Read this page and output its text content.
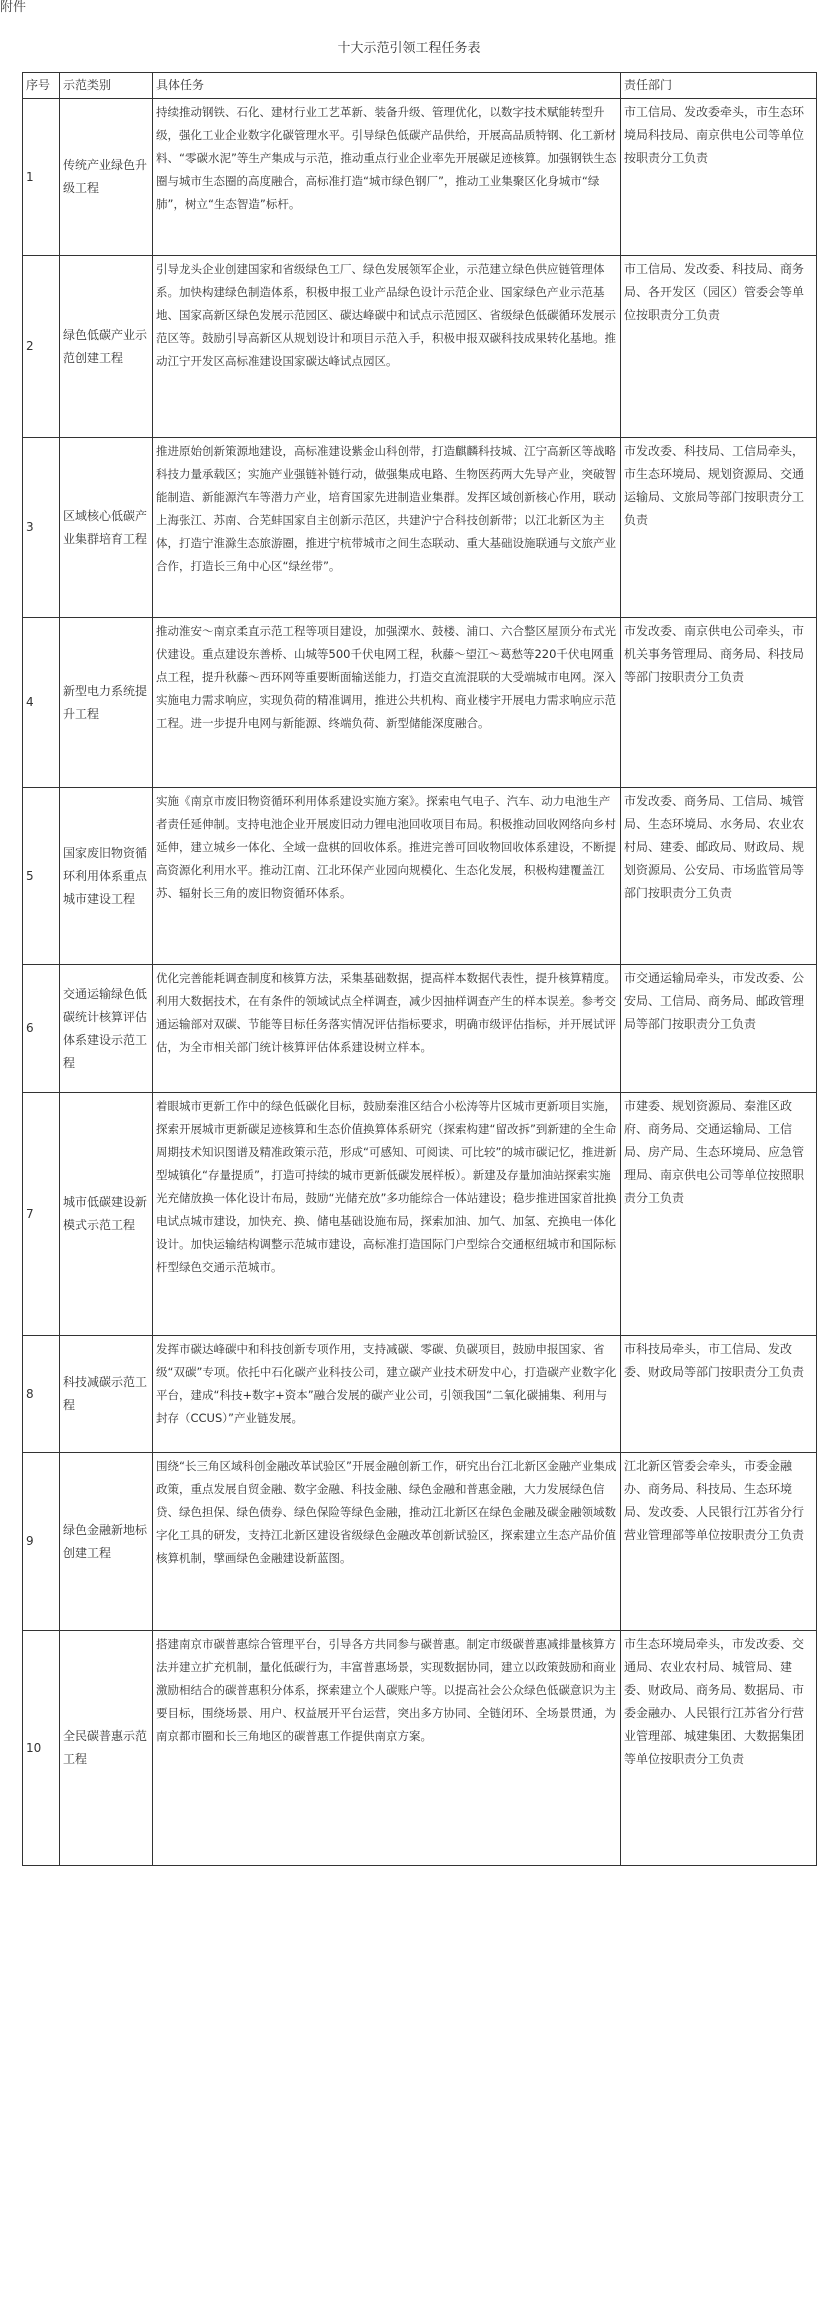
附件
十大示范引领工程任务表
序号	示范类别	具体任务	责任部门
1	传统产业绿色升级工程	持续推动钢铁、石化、建材行业工艺革新、装备升级、管理优化，以数字技术赋能转型升级，强化工业企业数字化碳管理水平。引导绿色低碳产品供给，开展高品质特钢、化工新材料、“零碳水泥”等生产集成与示范，推动重点行业企业率先开展碳足迹核算。加强钢铁生态圈与城市生态圈的高度融合，高标准打造“城市绿色钢厂”，推动工业集聚区化身城市“绿肺”，树立“生态智造”标杆。	市工信局、发改委牵头，市生态环境局科技局、南京供电公司等单位按职责分工负责
2	绿色低碳产业示范创建工程	引导龙头企业创建国家和省级绿色工厂、绿色发展领军企业，示范建立绿色供应链管理体系。加快构建绿色制造体系，积极申报工业产品绿色设计示范企业、国家绿色产业示范基地、国家高新区绿色发展示范园区、碳达峰碳中和试点示范园区、省级绿色低碳循环发展示范区等。鼓励引导高新区从规划设计和项目示范入手，积极申报双碳科技成果转化基地。推动江宁开发区高标准建设国家碳达峰试点园区。	市工信局、发改委、科技局、商务局、各开发区（园区）管委会等单位按职责分工负责
3	区域核心低碳产业集群培育工程	推进原始创新策源地建设，高标准建设紫金山科创带，打造麒麟科技城、江宁高新区等战略科技力量承载区；实施产业强链补链行动，做强集成电路、生物医药两大先导产业，突破智能制造、新能源汽车等潜力产业，培育国家先进制造业集群。发挥区域创新核心作用，联动上海张江、苏南、合芜蚌国家自主创新示范区，共建沪宁合科技创新带；以江北新区为主体，打造宁淮滁生态旅游圈，推进宁杭带城市之间生态联动、重大基础设施联通与文旅产业合作，打造长三角中心区“绿丝带”。	市发改委、科技局、工信局牵头，市生态环境局、规划资源局、交通运输局、文旅局等部门按职责分工负责
4	新型电力系统提升工程	推动淮安～南京柔直示范工程等项目建设，加强溧水、鼓楼、浦口、六合整区屋顶分布式光伏建设。重点建设东善桥、山城等500千伏电网工程，秋藤～望江～葛愁等220千伏电网重点工程，提升秋藤～西环网等重要断面输送能力，打造交直流混联的大受端城市电网。深入实施电力需求响应，实现负荷的精准调用，推进公共机构、商业楼宇开展电力需求响应示范工程。进一步提升电网与新能源、终端负荷、新型储能深度融合。	市发改委、南京供电公司牵头，市机关事务管理局、商务局、科技局等部门按职责分工负责
5	国家废旧物资循环利用体系重点城市建设工程	实施《南京市废旧物资循环利用体系建设实施方案》。探索电气电子、汽车、动力电池生产者责任延伸制。支持电池企业开展废旧动力锂电池回收项目布局。积极推动回收网络向乡村延伸，建立城乡一体化、全域一盘棋的回收体系。推进完善可回收物回收体系建设，不断提高资源化利用水平。推动江南、江北环保产业园向规模化、生态化发展，积极构建覆盖江苏、辐射长三角的废旧物资循环体系。	市发改委、商务局、工信局、城管局、生态环境局、水务局、农业农村局、建委、邮政局、财政局、规划资源局、公安局、市场监管局等部门按职责分工负责
6	交通运输绿色低碳统计核算评估体系建设示范工程	优化完善能耗调查制度和核算方法，采集基础数据，提高样本数据代表性，提升核算精度。利用大数据技术，在有条件的领域试点全样调查，减少因抽样调查产生的样本误差。参考交通运输部对双碳、节能等目标任务落实情况评估指标要求，明确市级评估指标，并开展试评估，为全市相关部门统计核算评估体系建设树立样本。	市交通运输局牵头，市发改委、公安局、工信局、商务局、邮政管理局等部门按职责分工负责
7	城市低碳建设新模式示范工程	着眼城市更新工作中的绿色低碳化目标，鼓励秦淮区结合小松涛等片区城市更新项目实施，探索开展城市更新碳足迹核算和生态价值换算体系研究（探索构建“留改拆”到新建的全生命周期技术知识图谱及精准政策示范，形成“可感知、可阅读、可比较”的城市碳记忆，推进新型城镇化“存量提质”，打造可持续的城市更新低碳发展样板）。新建及存量加油站探索实施光充储放换一体化设计布局，鼓励“光储充放”多功能综合一体站建设；稳步推进国家首批换电试点城市建设，加快充、换、储电基础设施布局，探索加油、加气、加氢、充换电一体化设计。加快运输结构调整示范城市建设，高标准打造国际门户型综合交通枢纽城市和国际标杆型绿色交通示范城市。	市建委、规划资源局、秦淮区政府、商务局、交通运输局、工信局、房产局、生态环境局、应急管理局、南京供电公司等单位按照职责分工负责
8	科技减碳示范工程	发挥市碳达峰碳中和科技创新专项作用，支持减碳、零碳、负碳项目，鼓励申报国家、省级“双碳”专项。依托中石化碳产业科技公司，建立碳产业技术研发中心，打造碳产业数字化平台，建成“科技+数字+资本”融合发展的碳产业公司，引领我国“二氧化碳捕集、利用与封存（CCUS）”产业链发展。	市科技局牵头，市工信局、发改委、财政局等部门按职责分工负责
9	绿色金融新地标创建工程	围绕“长三角区域科创金融改革试验区”开展金融创新工作，研究出台江北新区金融产业集成政策，重点发展自贸金融、数字金融、科技金融、绿色金融和普惠金融，大力发展绿色信贷、绿色担保、绿色债券、绿色保险等绿色金融，推动江北新区在绿色金融及碳金融领域数字化工具的研发，支持江北新区建设省级绿色金融改革创新试验区，探索建立生态产品价值核算机制，擘画绿色金融建设新蓝图。	江北新区管委会牵头，市委金融办、商务局、科技局、生态环境局、发改委、人民银行江苏省分行营业管理部等单位按职责分工负责
10	全民碳普惠示范工程	搭建南京市碳普惠综合管理平台，引导各方共同参与碳普惠。制定市级碳普惠减排量核算方法并建立扩充机制，量化低碳行为，丰富普惠场景，实现数据协同，建立以政策鼓励和商业激励相结合的碳普惠积分体系，探索建立个人碳账户等。以提高社会公众绿色低碳意识为主要目标，围绕场景、用户、权益展开平台运营，突出多方协同、全链闭环、全场景贯通，为南京都市圈和长三角地区的碳普惠工作提供南京方案。	市生态环境局牵头，市发改委、交通局、农业农村局、城管局、建委、财政局、商务局、数据局、市委金融办、人民银行江苏省分行营业管理部、城建集团、大数据集团等单位按职责分工负责
